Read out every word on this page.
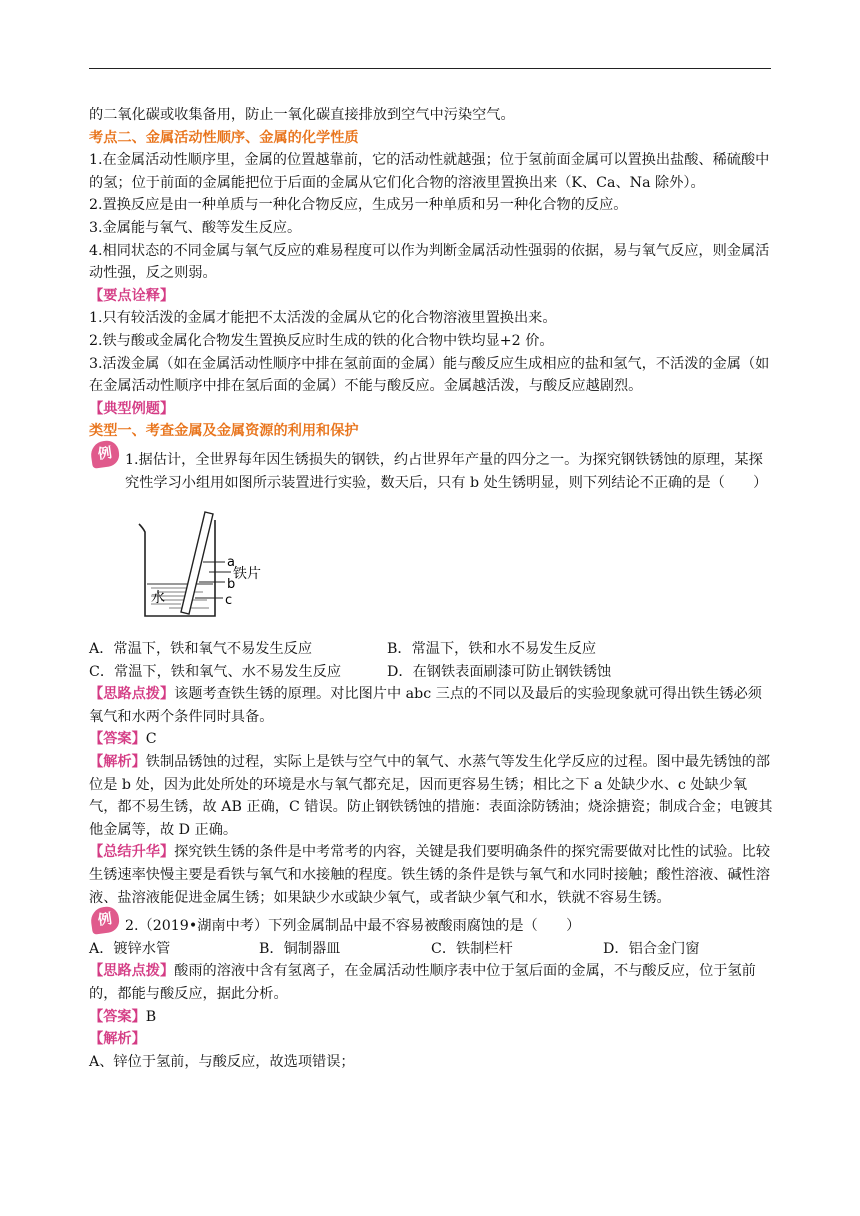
的二氧化碳或收集备用，防止一氧化碳直接排放到空气中污染空气。
考点二、金属活动性顺序、金属的化学性质
1.在金属活动性顺序里，金属的位置越靠前，它的活动性就越强；位于氢前面金属可以置换出盐酸、稀硫酸中的氢；位于前面的金属能把位于后面的金属从它们化合物的溶液里置换出来（K、Ca、Na 除外）。
2.置换反应是由一种单质与一种化合物反应，生成另一种单质和另一种化合物的反应。
3.金属能与氧气、酸等发生反应。
4.相同状态的不同金属与氧气反应的难易程度可以作为判断金属活动性强弱的依据，易与氧气反应，则金属活动性强，反之则弱。
【要点诠释】
1.只有较活泼的金属才能把不太活泼的金属从它的化合物溶液里置换出来。
2.铁与酸或金属化合物发生置换反应时生成的铁的化合物中铁均显+2 价。
3.活泼金属（如在金属活动性顺序中排在氢前面的金属）能与酸反应生成相应的盐和氢气，不活泼的金属（如在金属活动性顺序中排在氢后面的金属）不能与酸反应。金属越活泼，与酸反应越剧烈。
【典型例题】
类型一、考查金属及金属资源的利用和保护
例 1.据估计，全世界每年因生锈损失的钢铁，约占世界年产量的四分之一。为探究钢铁锈蚀的原理，某探究性学习小组用如图所示装置进行实验，数天后，只有 b 处生锈明显，则下列结论不正确的是（　　）
a
b
c
铁片
水
A．常温下，铁和氧气不易发生反应	B．常温下，铁和水不易发生反应
C．常温下，铁和氧气、水不易发生反应	D．在钢铁表面刷漆可防止钢铁锈蚀
【思路点拨】该题考查铁生锈的原理。对比图片中 abc 三点的不同以及最后的实验现象就可得出铁生锈必须氧气和水两个条件同时具备。
【答案】C
【解析】铁制品锈蚀的过程，实际上是铁与空气中的氧气、水蒸气等发生化学反应的过程。图中最先锈蚀的部位是 b 处，因为此处所处的环境是水与氧气都充足，因而更容易生锈；相比之下 a 处缺少水、c 处缺少氧气，都不易生锈，故 AB 正确，C 错误。防止钢铁锈蚀的措施：表面涂防锈油；烧涂搪瓷；制成合金；电镀其他金属等，故 D 正确。
【总结升华】探究铁生锈的条件是中考常考的内容，关键是我们要明确条件的探究需要做对比性的试验。比较生锈速率快慢主要是看铁与氧气和水接触的程度。铁生锈的条件是铁与氧气和水同时接触；酸性溶液、碱性溶液、盐溶液能促进金属生锈；如果缺少水或缺少氧气，或者缺少氧气和水，铁就不容易生锈。
例 2.（2019•湖南中考）下列金属制品中最不容易被酸雨腐蚀的是（　　）
A．镀锌水管	B．铜制器皿	C．铁制栏杆	D．铝合金门窗
【思路点拨】酸雨的溶液中含有氢离子，在金属活动性顺序表中位于氢后面的金属，不与酸反应，位于氢前的，都能与酸反应，据此分析。
【答案】B
【解析】
A、锌位于氢前，与酸反应，故选项错误；
